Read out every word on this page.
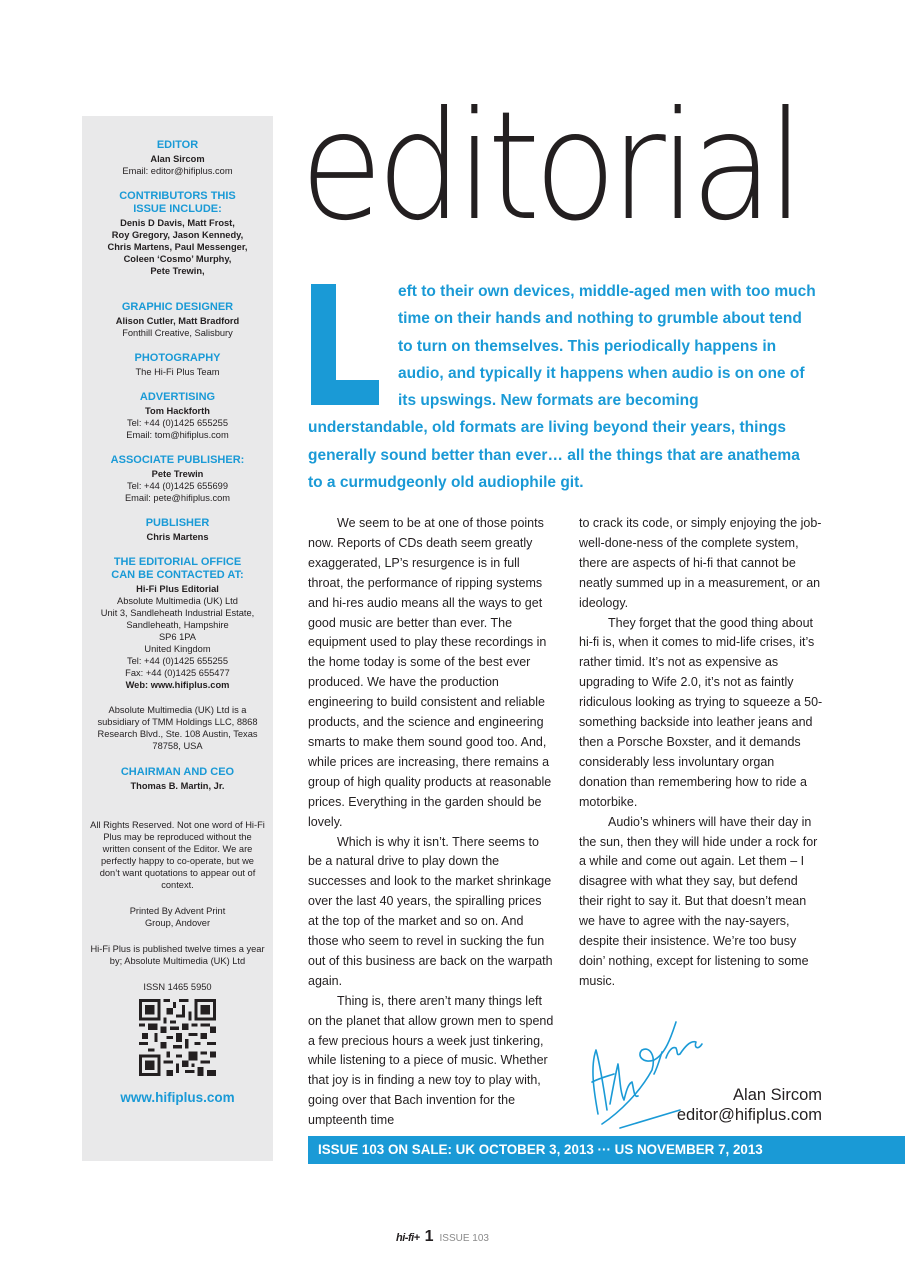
EDITOR
Alan Sircom
Email: editor@hifiplus.com
CONTRIBUTORS THIS ISSUE INCLUDE:
Denis D Davis, Matt Frost,
Roy Gregory, Jason Kennedy,
Chris Martens, Paul Messenger,
Coleen ‘Cosmo’ Murphy,
Pete Trewin,
GRAPHIC DESIGNER
Alison Cutler, Matt Bradford
Fonthill Creative, Salisbury
PHOTOGRAPHY
The Hi-Fi Plus Team
ADVERTISING
Tom Hackforth
Tel: +44 (0)1425 655255
Email: tom@hifiplus.com
ASSOCIATE PUBLISHER:
Pete Trewin
Tel: +44 (0)1425 655699
Email: pete@hifiplus.com
PUBLISHER
Chris Martens
THE EDITORIAL OFFICE CAN BE CONTACTED AT:
Hi-Fi Plus Editorial
Absolute Multimedia (UK) Ltd
Unit 3, Sandleheath Industrial Estate,
Sandleheath, Hampshire
SP6 1PA
United Kingdom
Tel: +44 (0)1425 655255
Fax: +44 (0)1425 655477
Web: www.hifiplus.com

Absolute Multimedia (UK) Ltd is a subsidiary of TMM Holdings LLC, 8868 Research Blvd., Ste. 108 Austin, Texas 78758, USA

CHAIRMAN AND CEO
Thomas B. Martin, Jr.

All Rights Reserved. Not one word of Hi-Fi Plus may be reproduced without the written consent of the Editor. We are perfectly happy to co-operate, but we don’t want quotations to appear out of context.

Printed By Advent Print Group, Andover

Hi-Fi Plus is published twelve times a year by; Absolute Multimedia (UK) Ltd

ISSN 1465 5950

www.hifiplus.com
editorial

eft to their own devices, middle-aged men with too much time on their hands and nothing to grumble about tend to turn on themselves. This periodically happens in audio, and typically it happens when audio is on one of its upswings. New formats are becoming understandable, old formats are living beyond their years, things generally sound better than ever… all the things that are anathema to a curmudgeonly old audiophile git.

We seem to be at one of those points now. Reports of CDs death seem greatly exaggerated, LP’s resurgence is in full throat, the performance of ripping systems and hi-res audio means all the ways to get good music are better than ever. The equipment used to play these recordings in the home today is some of the best ever produced. We have the production engineering to build consistent and reliable products, and the science and engineering smarts to make them sound good too. And, while prices are increasing, there remains a group of high quality products at reasonable prices. Everything in the garden should be lovely.

Which is why it isn’t. There seems to be a natural drive to play down the successes and look to the market shrinkage over the last 40 years, the spiralling prices at the top of the market and so on. And those who seem to revel in sucking the fun out of this business are back on the warpath again.

Thing is, there aren’t many things left on the planet that allow grown men to spend a few precious hours a week just tinkering, while listening to a piece of music. Whether that joy is in finding a new toy to play with, going over that Bach invention for the umpteenth time

to crack its code, or simply enjoying the job-well-done-ness of the complete system, there are aspects of hi-fi that cannot be neatly summed up in a measurement, or an ideology.

They forget that the good thing about hi-fi is, when it comes to mid-life crises, it’s rather timid. It’s not as expensive as upgrading to Wife 2.0, it’s not as faintly ridiculous looking as trying to squeeze a 50-something backside into leather jeans and then a Porsche Boxster, and it demands considerably less involuntary organ donation than remembering how to ride a motorbike.

Audio’s whiners will have their day in the sun, then they will hide under a rock for a while and come out again. Let them – I disagree with what they say, but defend their right to say it. But that doesn’t mean we have to agree with the nay-sayers, despite their insistence. We’re too busy doin’ nothing, except for listening to some music.

Alan Sircom
editor@hifiplus.com
ISSUE 103 ON SALE: UK OCTOBER 3, 2013 ··· US NOVEMBER 7, 2013
hi-fi+ 1 ISSUE 103
